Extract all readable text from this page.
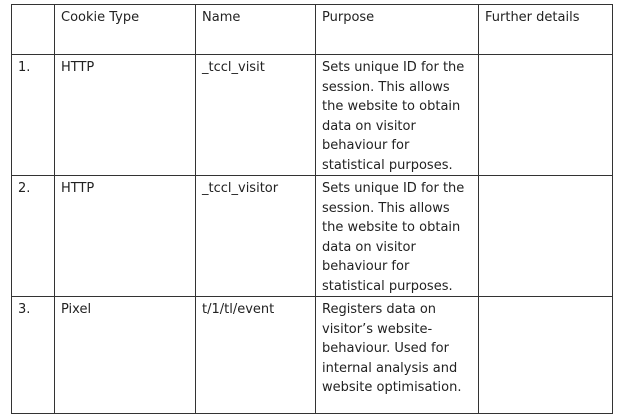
	Cookie Type	Name	Purpose	Further details
1.	HTTP	_tccl_visit	Sets unique ID for the session. This allows the website to obtain data on visitor behaviour for statistical purposes.	

2.	HTTP	_tccl_visitor	Sets unique ID for the session. This allows the website to obtain data on visitor behaviour for statistical purposes.	

3.	Pixel	t/1/tl/event	Registers data on visitor’s website-behaviour. Used for internal analysis and website optimisation.	
